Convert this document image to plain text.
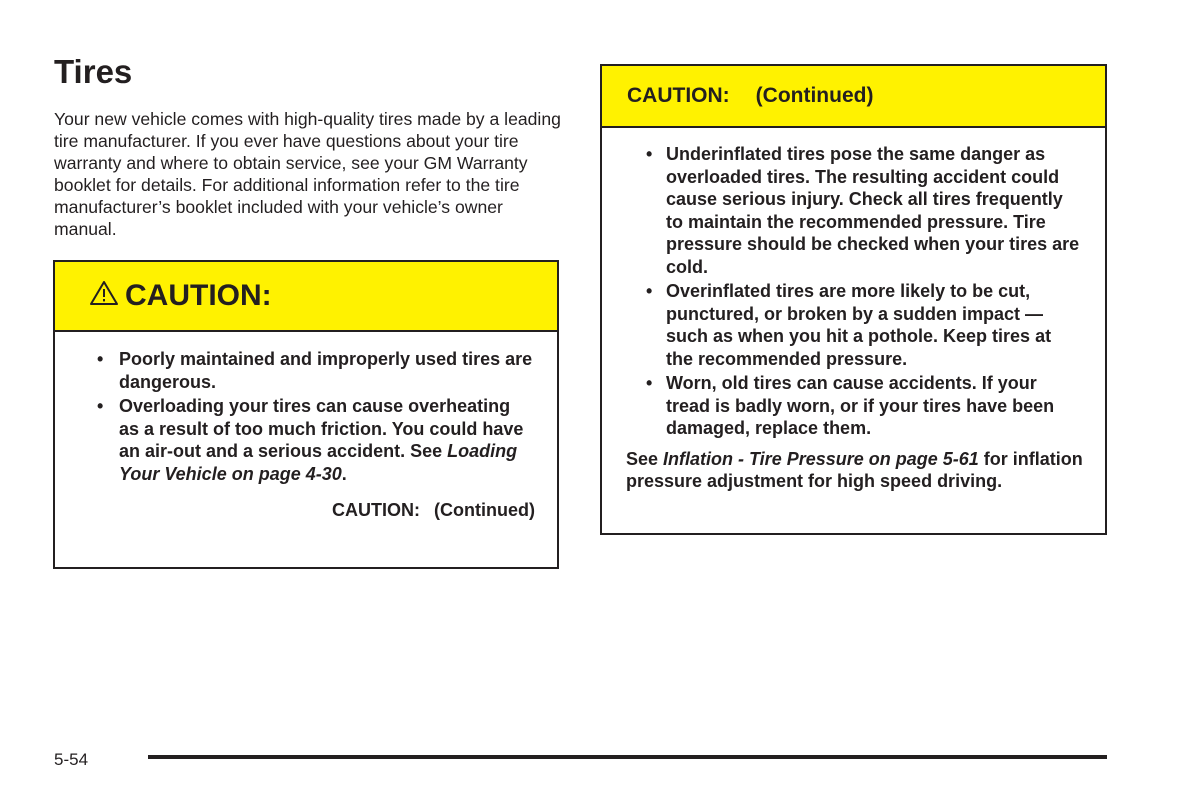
Tires

Your new vehicle comes with high-quality tires made by a leading tire manufacturer. If you ever have questions about your tire warranty and where to obtain service, see your GM Warranty booklet for details. For additional information refer to the tire manufacturer’s booklet included with your vehicle’s owner manual.

CAUTION:
• Poorly maintained and improperly used tires are dangerous.
• Overloading your tires can cause overheating as a result of too much friction. You could have an air-out and a serious accident. See Loading Your Vehicle on page 4-30.
CAUTION: (Continued)
CAUTION: (Continued)
• Underinflated tires pose the same danger as overloaded tires. The resulting accident could cause serious injury. Check all tires frequently to maintain the recommended pressure. Tire pressure should be checked when your tires are cold.
• Overinflated tires are more likely to be cut, punctured, or broken by a sudden impact — such as when you hit a pothole. Keep tires at the recommended pressure.
• Worn, old tires can cause accidents. If your tread is badly worn, or if your tires have been damaged, replace them.
See Inflation - Tire Pressure on page 5-61 for inflation pressure adjustment for high speed driving.
5-54
